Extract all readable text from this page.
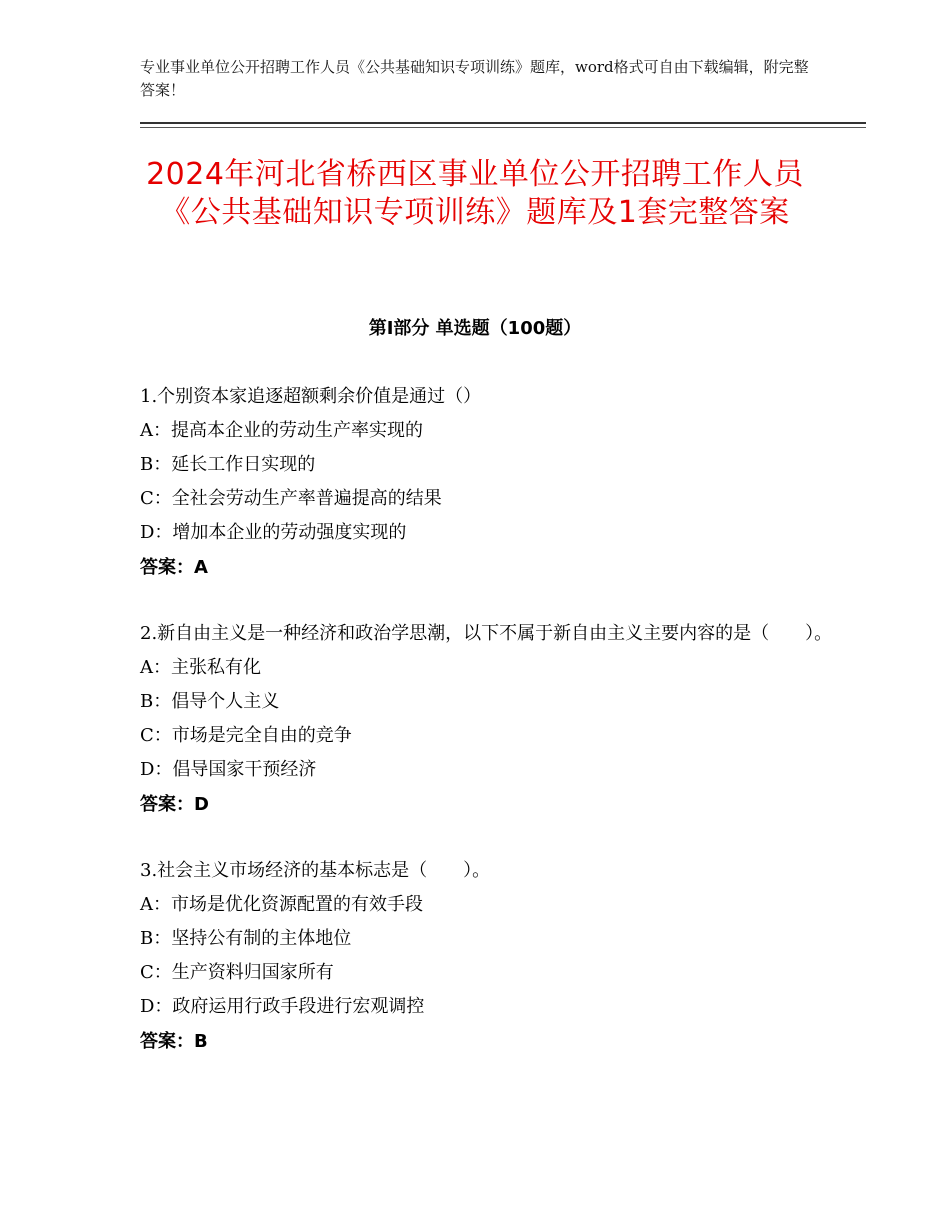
专业事业单位公开招聘工作人员《公共基础知识专项训练》题库，word格式可自由下载编辑，附完整答案！
2024年河北省桥西区事业单位公开招聘工作人员《公共基础知识专项训练》题库及1套完整答案
第I部分 单选题（100题）
1.个别资本家追逐超额剩余价值是通过（）
A：提高本企业的劳动生产率实现的
B：延长工作日实现的
C：全社会劳动生产率普遍提高的结果
D：增加本企业的劳动强度实现的
答案：A
2.新自由主义是一种经济和政治学思潮，以下不属于新自由主义主要内容的是（　　）。
A：主张私有化
B：倡导个人主义
C：市场是完全自由的竞争
D：倡导国家干预经济
答案：D
3.社会主义市场经济的基本标志是（　　）。
A：市场是优化资源配置的有效手段
B：坚持公有制的主体地位
C：生产资料归国家所有
D：政府运用行政手段进行宏观调控
答案：B
